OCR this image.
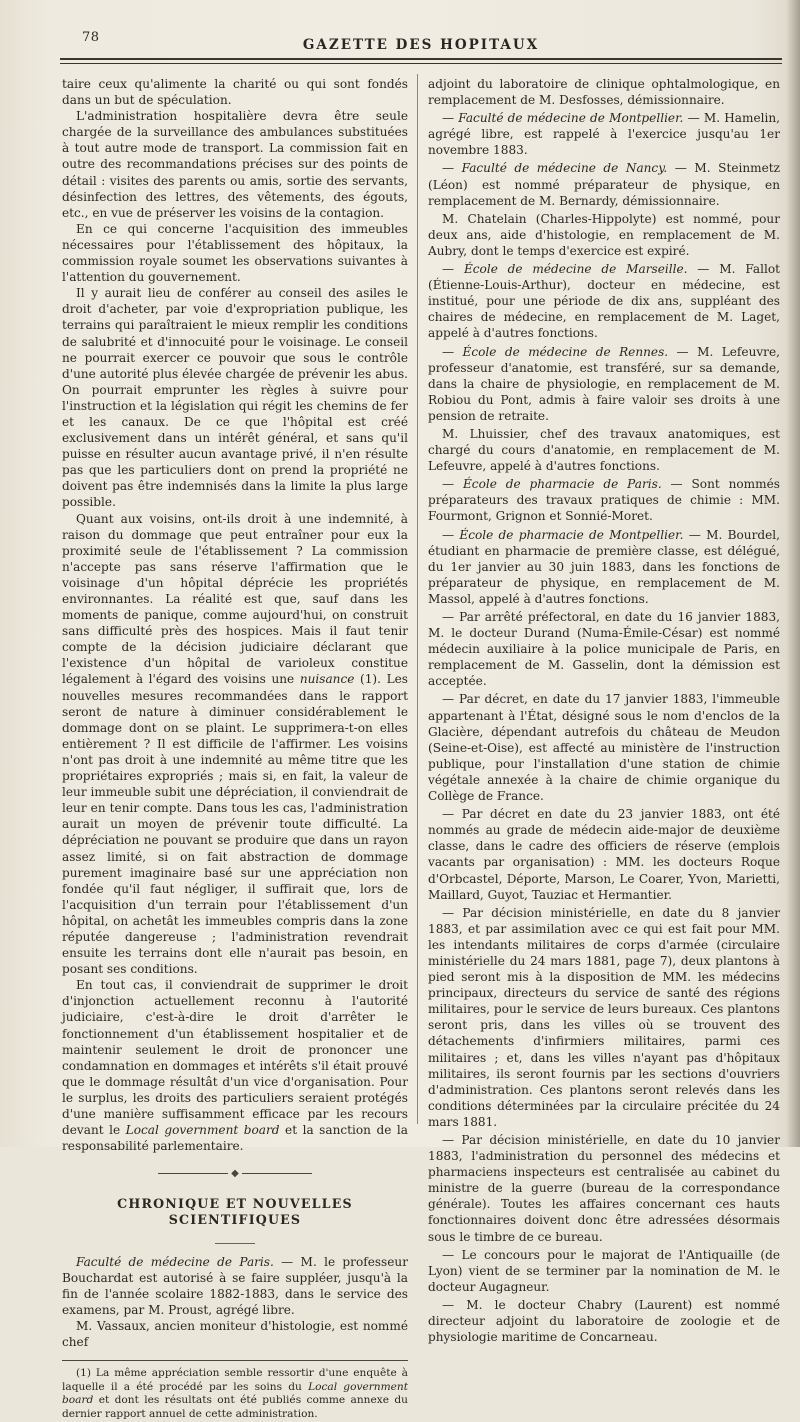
78	GAZETTE DES HOPITAUX

taire ceux qu'alimente la charité ou qui sont fondés dans un but de spéculation.

L'administration hospitalière devra être seule chargée de la surveillance des ambulances substituées à tout autre mode de transport. La commission fait en outre des recommandations précises sur des points de détail : visites des parents ou amis, sortie des servants, désinfection des lettres, des vêtements, des égouts, etc., en vue de préserver les voisins de la contagion.

En ce qui concerne l'acquisition des immeubles nécessaires pour l'établissement des hôpitaux, la commission royale soumet les observations suivantes à l'attention du gouvernement.

Il y aurait lieu de conférer au conseil des asiles le droit d'acheter, par voie d'expropriation publique, les terrains qui paraîtraient le mieux remplir les conditions de salubrité et d'innocuité pour le voisinage. Le conseil ne pourrait exercer ce pouvoir que sous le contrôle d'une autorité plus élevée chargée de prévenir les abus. On pourrait emprunter les règles à suivre pour l'instruction et la législation qui régit les chemins de fer et les canaux. De ce que l'hôpital est créé exclusivement dans un intérêt général, et sans qu'il puisse en résulter aucun avantage privé, il n'en résulte pas que les particuliers dont on prend la propriété ne doivent pas être indemnisés dans la limite la plus large possible.

Quant aux voisins, ont-ils droit à une indemnité, à raison du dommage que peut entraîner pour eux la proximité seule de l'établissement ? La commission n'accepte pas sans réserve l'affirmation que le voisinage d'un hôpital déprécie les propriétés environnantes. La réalité est que, sauf dans les moments de panique, comme aujourd'hui, on construit sans difficulté près des hospices. Mais il faut tenir compte de la décision judiciaire déclarant que l'existence d'un hôpital de varioleux constitue légalement à l'égard des voisins une nuisance (1). Les nouvelles mesures recommandées dans le rapport seront de nature à diminuer considérablement le dommage dont on se plaint. Le supprimera-t-on elles entièrement ? Il est difficile de l'affirmer. Les voisins n'ont pas droit à une indemnité au même titre que les propriétaires expropriés ; mais si, en fait, la valeur de leur immeuble subit une dépréciation, il conviendrait de leur en tenir compte. Dans tous les cas, l'administration aurait un moyen de prévenir toute difficulté. La dépréciation ne pouvant se produire que dans un rayon assez limité, si on fait abstraction de dommage purement imaginaire basé sur une appréciation non fondée qu'il faut négliger, il suffirait que, lors de l'acquisition d'un terrain pour l'établissement d'un hôpital, on achetât les immeubles compris dans la zone réputée dangereuse ; l'administration revendrait ensuite les terrains dont elle n'aurait pas besoin, en posant ses conditions.

En tout cas, il conviendrait de supprimer le droit d'injonction actuellement reconnu à l'autorité judiciaire, c'est-à-dire le droit d'arrêter le fonctionnement d'un établissement hospitalier et de maintenir seulement le droit de prononcer une condamnation en dommages et intérêts s'il était prouvé que le dommage résultât d'un vice d'organisation. Pour le surplus, les droits des particuliers seraient protégés d'une manière suffisamment efficace par les recours devant le Local government board et la sanction de la responsabilité parlementaire.

◆
CHRONIQUE ET NOUVELLES SCIENTIFIQUES

Faculté de médecine de Paris. — M. le professeur Bouchardat est autorisé à se faire suppléer, jusqu'à la fin de l'année scolaire 1882-1883, dans le service des examens, par M. Proust, agrégé libre.

M. Vassaux, ancien moniteur d'histologie, est nommé chef

(1) La même appréciation semble ressortir d'une enquête à laquelle il a été procédé par les soins du Local government board et dont les résultats ont été publiés comme annexe du dernier rapport annuel de cette administration.

adjoint du laboratoire de clinique ophtalmologique, en remplacement de M. Desfosses, démissionnaire.

— Faculté de médecine de Montpellier. — M. Hamelin, agrégé libre, est rappelé à l'exercice jusqu'au 1er novembre 1883.

— Faculté de médecine de Nancy. — M. Steinmetz (Léon) est nommé préparateur de physique, en remplacement de M. Bernardy, démissionnaire.

M. Chatelain (Charles-Hippolyte) est nommé, pour deux ans, aide d'histologie, en remplacement de M. Aubry, dont le temps d'exercice est expiré.

— École de médecine de Marseille. — M. Fallot (Étienne-Louis-Arthur), docteur en médecine, est institué, pour une période de dix ans, suppléant des chaires de médecine, en remplacement de M. Laget, appelé à d'autres fonctions.

— École de médecine de Rennes. — M. Lefeuvre, professeur d'anatomie, est transféré, sur sa demande, dans la chaire de physiologie, en remplacement de M. Robiou du Pont, admis à faire valoir ses droits à une pension de retraite.

M. Lhuissier, chef des travaux anatomiques, est chargé du cours d'anatomie, en remplacement de M. Lefeuvre, appelé à d'autres fonctions.

— École de pharmacie de Paris. — Sont nommés préparateurs des travaux pratiques de chimie : MM. Fourmont, Grignon et Sonnié-Moret.

— École de pharmacie de Montpellier. — M. Bourdel, étudiant en pharmacie de première classe, est délégué, du 1er janvier au 30 juin 1883, dans les fonctions de préparateur de physique, en remplacement de M. Massol, appelé à d'autres fonctions.

— Par arrêté préfectoral, en date du 16 janvier 1883, M. le docteur Durand (Numa-Émile-César) est nommé médecin auxiliaire à la police municipale de Paris, en remplacement de M. Gasselin, dont la démission est acceptée.

— Par décret, en date du 17 janvier 1883, l'immeuble appartenant à l'État, désigné sous le nom d'enclos de la Glacière, dépendant autrefois du château de Meudon (Seine-et-Oise), est affecté au ministère de l'instruction publique, pour l'installation d'une station de chimie végétale annexée à la chaire de chimie organique du Collège de France.

— Par décret en date du 23 janvier 1883, ont été nommés au grade de médecin aide-major de deuxième classe, dans le cadre des officiers de réserve (emplois vacants par organisation) : MM. les docteurs Roque d'Orbcastel, Déporte, Marson, Le Coarer, Yvon, Marietti, Maillard, Guyot, Tauziac et Hermantier.

— Par décision ministérielle, en date du 8 janvier 1883, et par assimilation avec ce qui est fait pour MM. les intendants militaires de corps d'armée (circulaire ministérielle du 24 mars 1881, page 7), deux plantons à pied seront mis à la disposition de MM. les médecins principaux, directeurs du service de santé des régions militaires, pour le service de leurs bureaux. Ces plantons seront pris, dans les villes où se trouvent des détachements d'infirmiers militaires, parmi ces militaires ; et, dans les villes n'ayant pas d'hôpitaux militaires, ils seront fournis par les sections d'ouvriers d'administration. Ces plantons seront relevés dans les conditions déterminées par la circulaire précitée du 24 mars 1881.

— Par décision ministérielle, en date du 10 janvier 1883, l'administration du personnel des médecins et pharmaciens inspecteurs est centralisée au cabinet du ministre de la guerre (bureau de la correspondance générale). Toutes les affaires concernant ces hauts fonctionnaires doivent donc être adressées désormais sous le timbre de ce bureau.

— Le concours pour le majorat de l'Antiquaille (de Lyon) vient de se terminer par la nomination de M. le docteur Augagneur.

— M. le docteur Chabry (Laurent) est nommé directeur adjoint du laboratoire de zoologie et de physiologie maritime de Concarneau.
